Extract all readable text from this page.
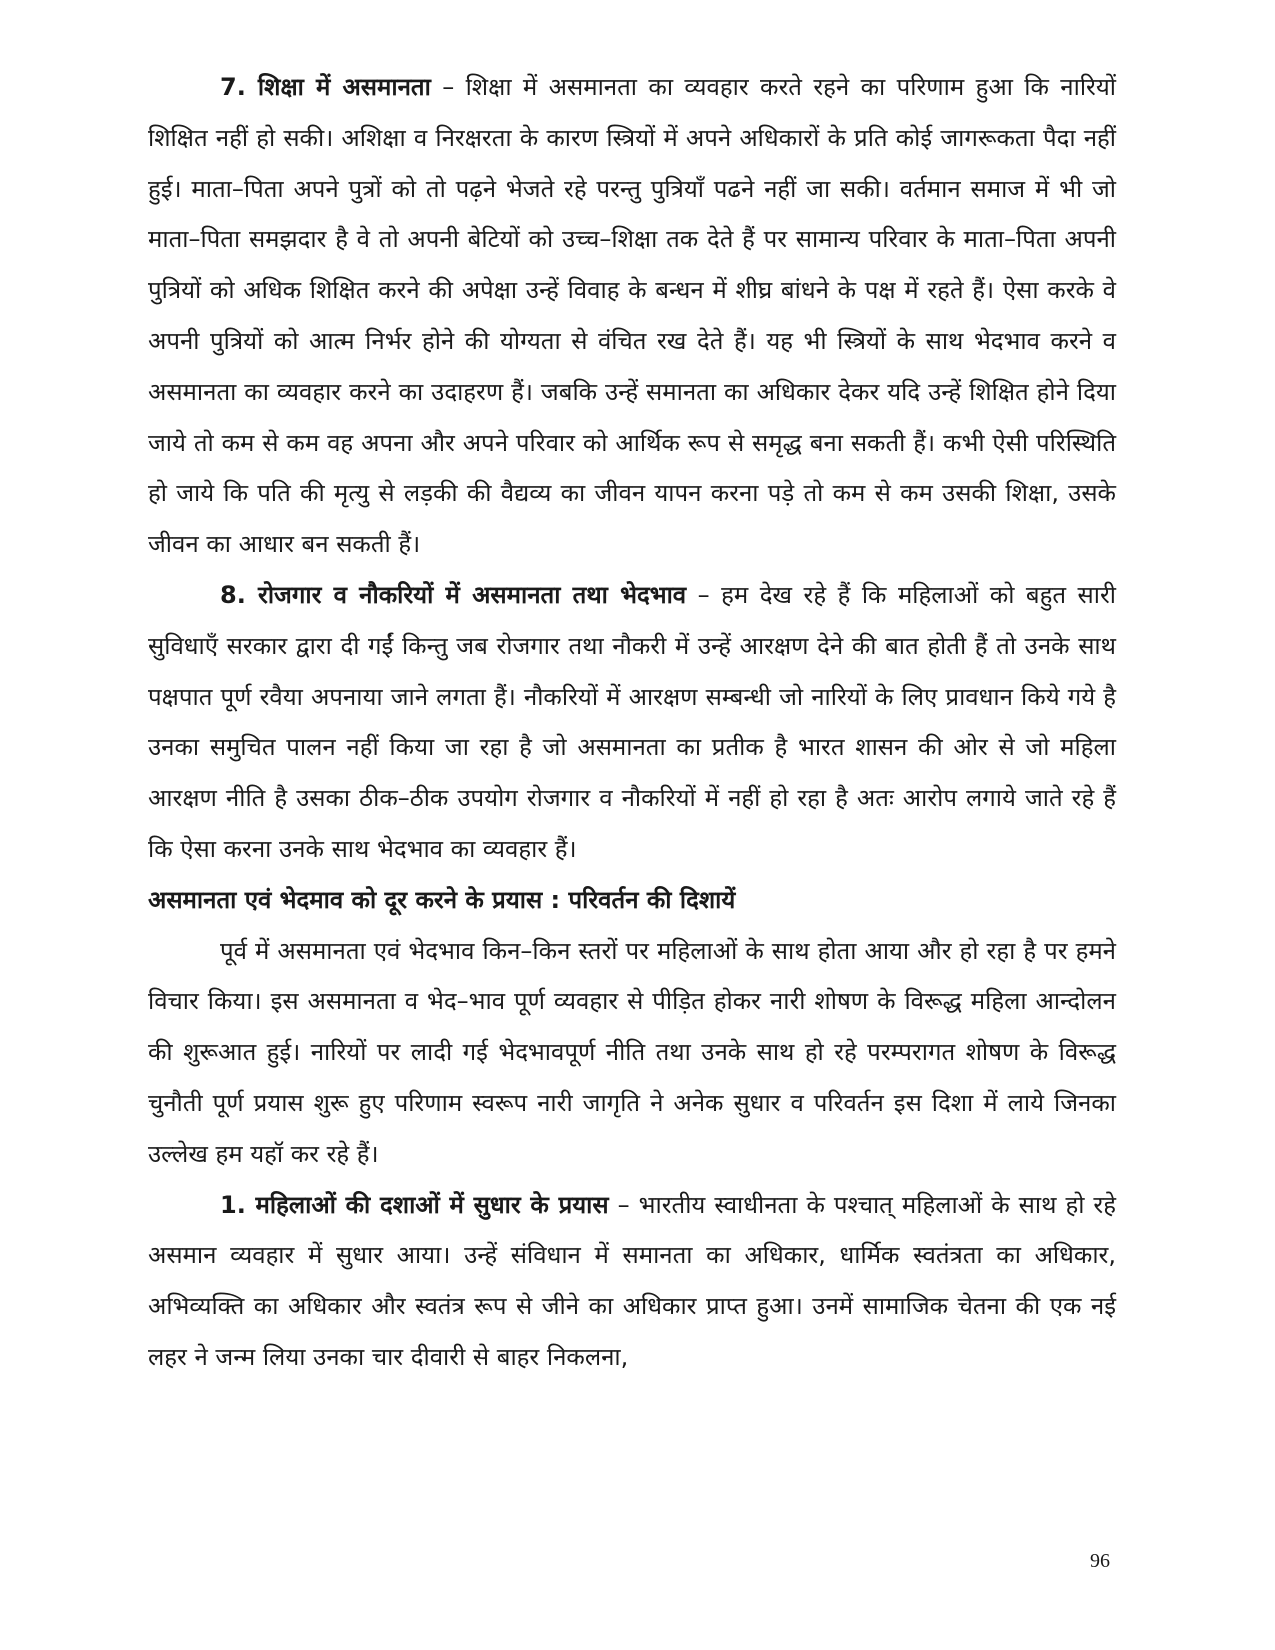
7. शिक्षा में असमानता – शिक्षा में असमानता का व्यवहार करते रहने का परिणाम हुआ कि नारियों शिक्षित नहीं हो सकी। अशिक्षा व निरक्षरता के कारण स्त्रियों में अपने अधिकारों के प्रति कोई जागरूकता पैदा नहीं हुई। माता–पिता अपने पुत्रों को तो पढ़ने भेजते रहे परन्तु पुत्रियाँ पढने नहीं जा सकी। वर्तमान समाज में भी जो माता–पिता समझदार है वे तो अपनी बेटियों को उच्च–शिक्षा तक देते हैं पर सामान्य परिवार के माता–पिता अपनी पुत्रियों को अधिक शिक्षित करने की अपेक्षा उन्हें विवाह के बन्धन में शीघ्र बांधने के पक्ष में रहते हैं। ऐसा करके वे अपनी पुत्रियों को आत्म निर्भर होने की योग्यता से वंचित रख देते हैं। यह भी स्त्रियों के साथ भेदभाव करने व असमानता का व्यवहार करने का उदाहरण हैं। जबकि उन्हें समानता का अधिकार देकर यदि उन्हें शिक्षित होने दिया जाये तो कम से कम वह अपना और अपने परिवार को आर्थिक रूप से समृद्ध बना सकती हैं। कभी ऐसी परिस्थिति हो जाये कि पति की मृत्यु से लड़की की वैद्यव्य का जीवन यापन करना पड़े तो कम से कम उसकी शिक्षा, उसके जीवन का आधार बन सकती हैं।

8. रोजगार व नौकरियों में असमानता तथा भेदभाव – हम देख रहे हैं कि महिलाओं को बहुत सारी सुविधाएँ सरकार द्वारा दी गईं किन्तु जब रोजगार तथा नौकरी में उन्हें आरक्षण देने की बात होती हैं तो उनके साथ पक्षपात पूर्ण रवैया अपनाया जाने लगता हैं। नौकरियों में आरक्षण सम्बन्धी जो नारियों के लिए प्रावधान किये गये है उनका समुचित पालन नहीं किया जा रहा है जो असमानता का प्रतीक है भारत शासन की ओर से जो महिला आरक्षण नीति है उसका ठीक–ठीक उपयोग रोजगार व नौकरियों में नहीं हो रहा है अतः आरोप लगाये जाते रहे हैं कि ऐसा करना उनके साथ भेदभाव का व्यवहार हैं।

असमानता एवं भेदमाव को दूर करने के प्रयास : परिवर्तन की दिशायें

पूर्व में असमानता एवं भेदभाव किन–किन स्तरों पर महिलाओं के साथ होता आया और हो रहा है पर हमने विचार किया। इस असमानता व भेद–भाव पूर्ण व्यवहार से पीड़ित होकर नारी शोषण के विरूद्ध महिला आन्दोलन की शुरूआत हुई। नारियों पर लादी गई भेदभावपूर्ण नीति तथा उनके साथ हो रहे परम्परागत शोषण के विरूद्ध चुनौती पूर्ण प्रयास शुरू हुए परिणाम स्वरूप नारी जागृति ने अनेक सुधार व परिवर्तन इस दिशा में लाये जिनका उल्लेख हम यहॉ कर रहे हैं।

1. महिलाओं की दशाओं में सुधार के प्रयास – भारतीय स्वाधीनता के पश्चात् महिलाओं के साथ हो रहे असमान व्यवहार में सुधार आया। उन्हें संविधान में समानता का अधिकार, धार्मिक स्वतंत्रता का अधिकार, अभिव्यक्ति का अधिकार और स्वतंत्र रूप से जीने का अधिकार प्राप्त हुआ। उनमें सामाजिक चेतना की एक नई लहर ने जन्म लिया उनका चार दीवारी से बाहर निकलना,

96
